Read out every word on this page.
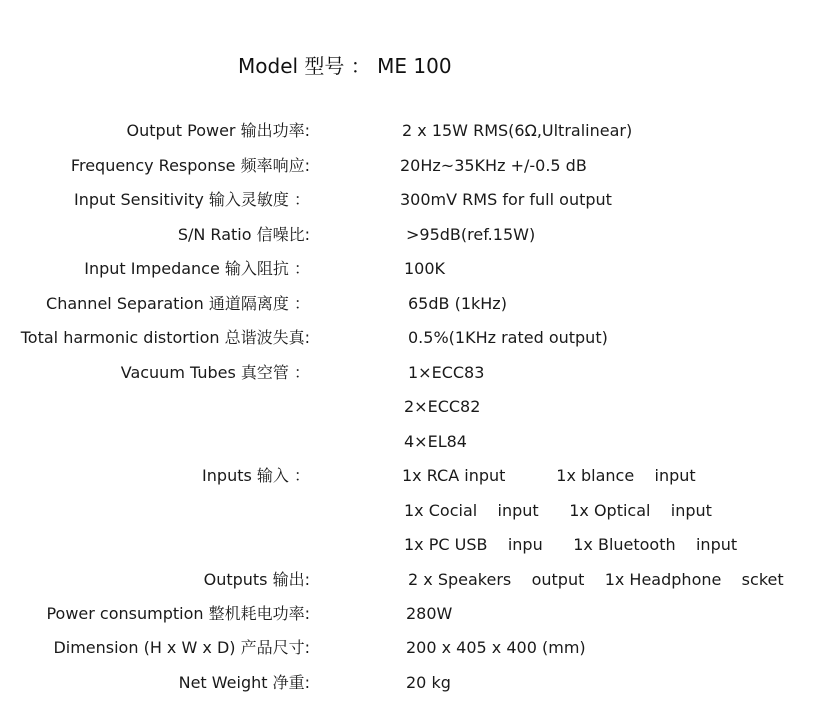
Model 型号 ： ME 100
Output Power 输出功率:	2 x 15W RMS(6Ω,Ultralinear)
Frequency Response 频率响应:	20Hz~35KHz +/-0.5 dB
Input Sensitivity 输入灵敏度 ：	300mV RMS for full output
S/N Ratio 信噪比:	>95dB(ref.15W)
Input Impedance 输入阻抗 ：	100K
Channel Separation 通道隔离度 ：	65dB (1kHz)
Total harmonic distortion 总谐波失真:	0.5%(1KHz rated output)
Vacuum Tubes 真空管 ：	1×ECC83
2×ECC82
4×EL84
Inputs 输入 ：	1x RCA input          1x blance    input
1x Cocial    input      1x Optical    input
1x PC USB    inpu      1x Bluetooth    input
Outputs 输出:	2 x Speakers    output    1x Headphone    scket
Power consumption 整机耗电功率:	280W
Dimension (H x W x D) 产品尺寸:	200 x 405 x 400 (mm)
Net Weight 净重:	20 kg
